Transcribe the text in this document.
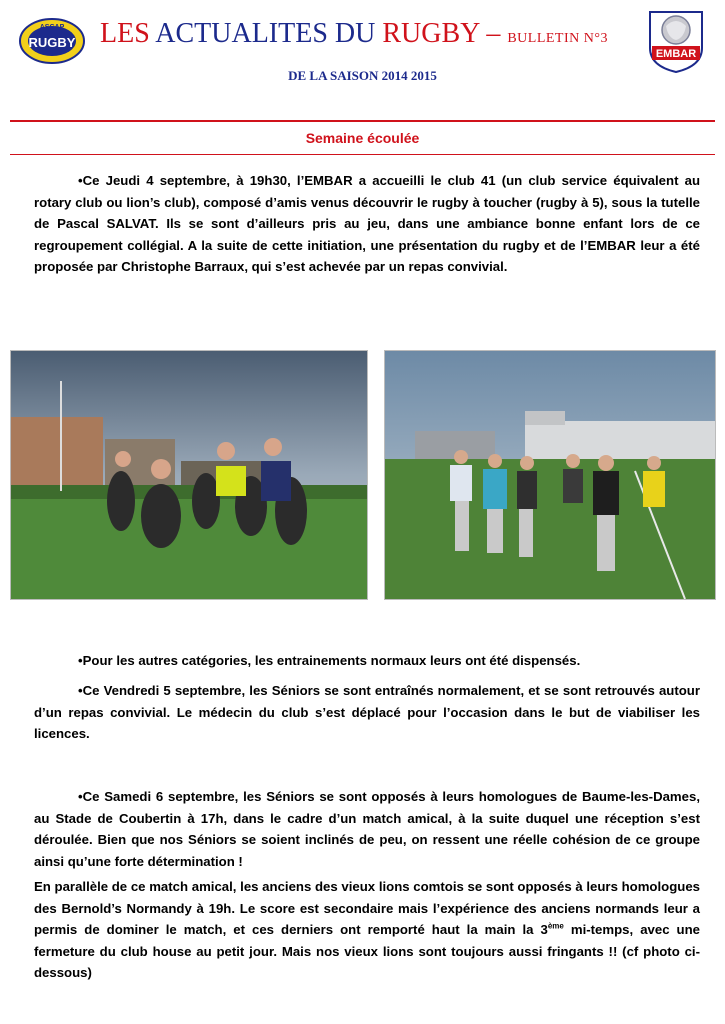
ASCAP
RUGBY LES ACTUALITES DU RUGBY – BULLETIN N°3
EMBAR
DE LA SAISON 2014 2015
Semaine écoulée
•Ce Jeudi 4 septembre, à 19h30, l’EMBAR a accueilli le club 41 (un club service équivalent au rotary club ou lion’s club), composé d’amis venus découvrir le rugby à toucher (rugby à 5), sous la tutelle de Pascal SALVAT. Ils se sont d’ailleurs pris au jeu, dans une ambiance bonne enfant lors de ce regroupement collégial. A la suite de cette initiation, une présentation du rugby et de l’EMBAR leur a été proposée par Christophe Barraux, qui s’est achevée par un repas convivial.
•Pour les autres catégories, les entrainements normaux leurs ont été dispensés.
•Ce Vendredi 5 septembre, les Séniors se sont entraînés normalement, et se sont retrouvés autour d’un repas convivial. Le médecin du club s’est déplacé pour l’occasion dans le but de viabiliser les licences.
•Ce Samedi 6 septembre, les Séniors se sont opposés à leurs homologues de Baume-les-Dames, au Stade de Coubertin à 17h, dans le cadre d’un match amical, à la suite duquel une réception s’est déroulée. Bien que nos Séniors se soient inclinés de peu, on ressent une réelle cohésion de ce groupe ainsi qu’une forte détermination !
En parallèle de ce match amical, les anciens des vieux lions comtois se sont opposés à leurs homologues des Bernold’s Normandy à 19h. Le score est secondaire mais l’expérience des anciens normands leur a permis de dominer le match, et ces derniers ont remporté haut la main la 3ème mi-temps, avec une fermeture du club house au petit jour. Mais nos vieux lions sont toujours aussi fringants !! (cf photo ci-dessous)
